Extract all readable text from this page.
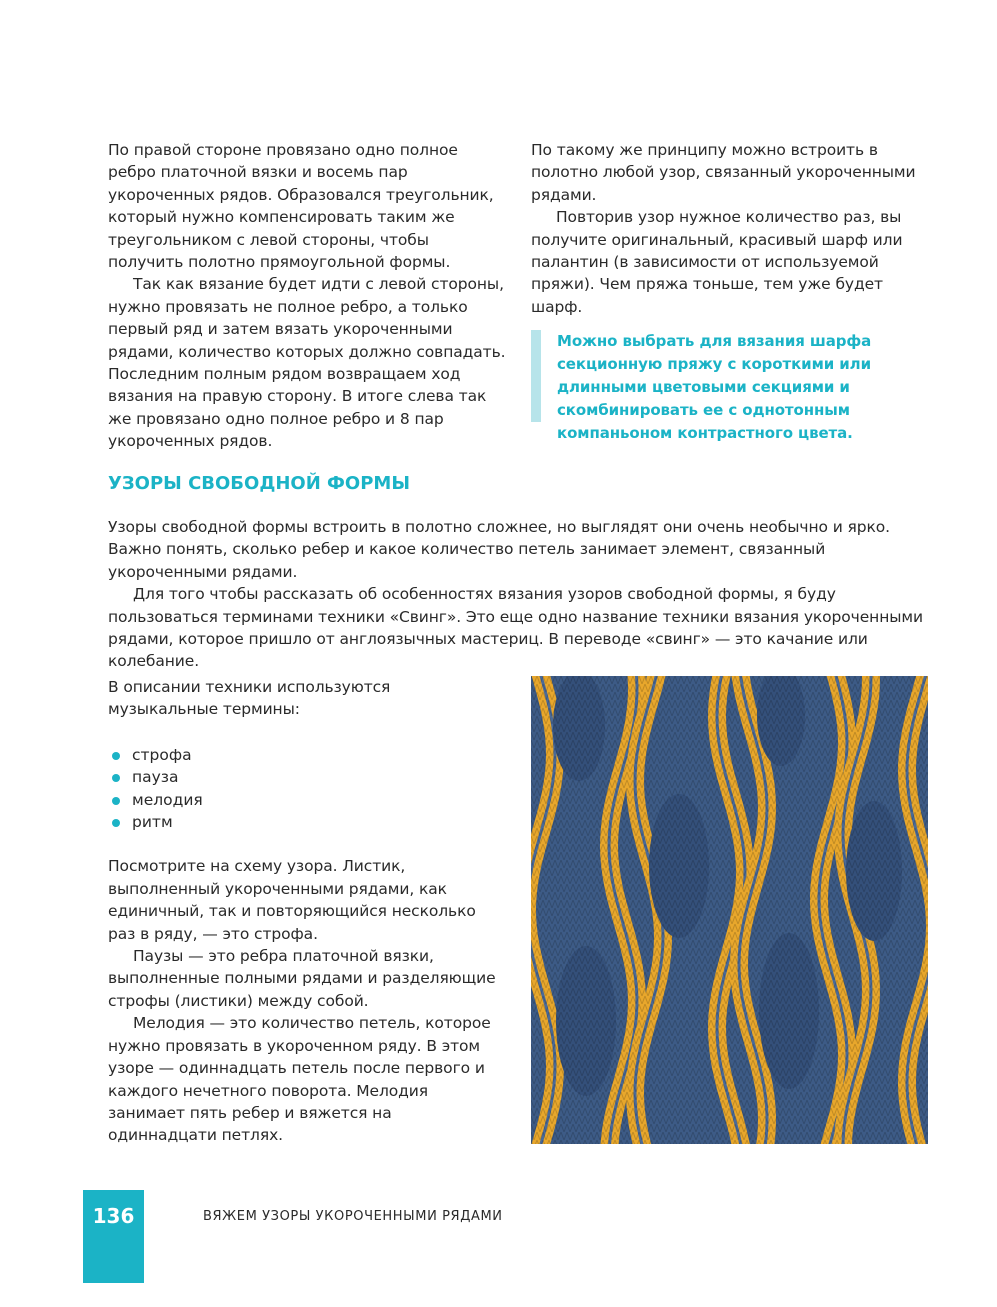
По правой стороне провязано одно полное ребро платочной вязки и восемь пар укороченных рядов. Образовался треугольник, который нужно компенсировать таким же треугольником с левой стороны, чтобы получить полотно прямоугольной формы.

Так как вязание будет идти с левой стороны, нужно провязать не полное ребро, а только первый ряд и затем вязать укороченными рядами, количество которых должно совпадать. Последним полным рядом возвращаем ход вязания на правую сторону. В итоге слева так же провязано одно полное ребро и 8 пар укороченных рядов.

По такому же принципу можно встроить в полотно любой узор, связанный укороченными рядами.

Повторив узор нужное количество раз, вы получите оригинальный, красивый шарф или палантин (в зависимости от используемой пряжи). Чем пряжа тоньше, тем уже будет шарф.

Можно выбрать для вязания шарфа секционную пряжу с короткими или длинными цветовыми секциями и скомбинировать ее с однотонным компаньоном контрастного цвета.

УЗОРЫ СВОБОДНОЙ ФОРМЫ

Узоры свободной формы встроить в полотно сложнее, но выглядят они очень необычно и ярко. Важно понять, сколько ребер и какое количество петель занимает элемент, связанный укороченными рядами.

Для того чтобы рассказать об особенностях вязания узоров свободной формы, я буду пользоваться терминами техники «Свинг». Это еще одно название техники вязания укороченными рядами, которое пришло от англоязычных мастериц. В переводе «свинг» — это качание или колебание.

В описании техники используются музыкальные термины:

строфа
пауза
мелодия
ритм

Посмотрите на схему узора. Листик, выполненный укороченными рядами, как единичный, так и повторяющийся несколько раз в ряду, — это строфа.

Паузы — это ребра платочной вязки, выполненные полными рядами и разделяющие строфы (листики) между собой.

Мелодия — это количество петель, которое нужно провязать в укороченном ряду. В этом узоре — одиннадцать петель после первого и каждого нечетного поворота. Мелодия занимает пять ребер и вяжется на одиннадцати петлях.

136	ВЯЖЕМ УЗОРЫ УКОРОЧЕННЫМИ РЯДАМИ
